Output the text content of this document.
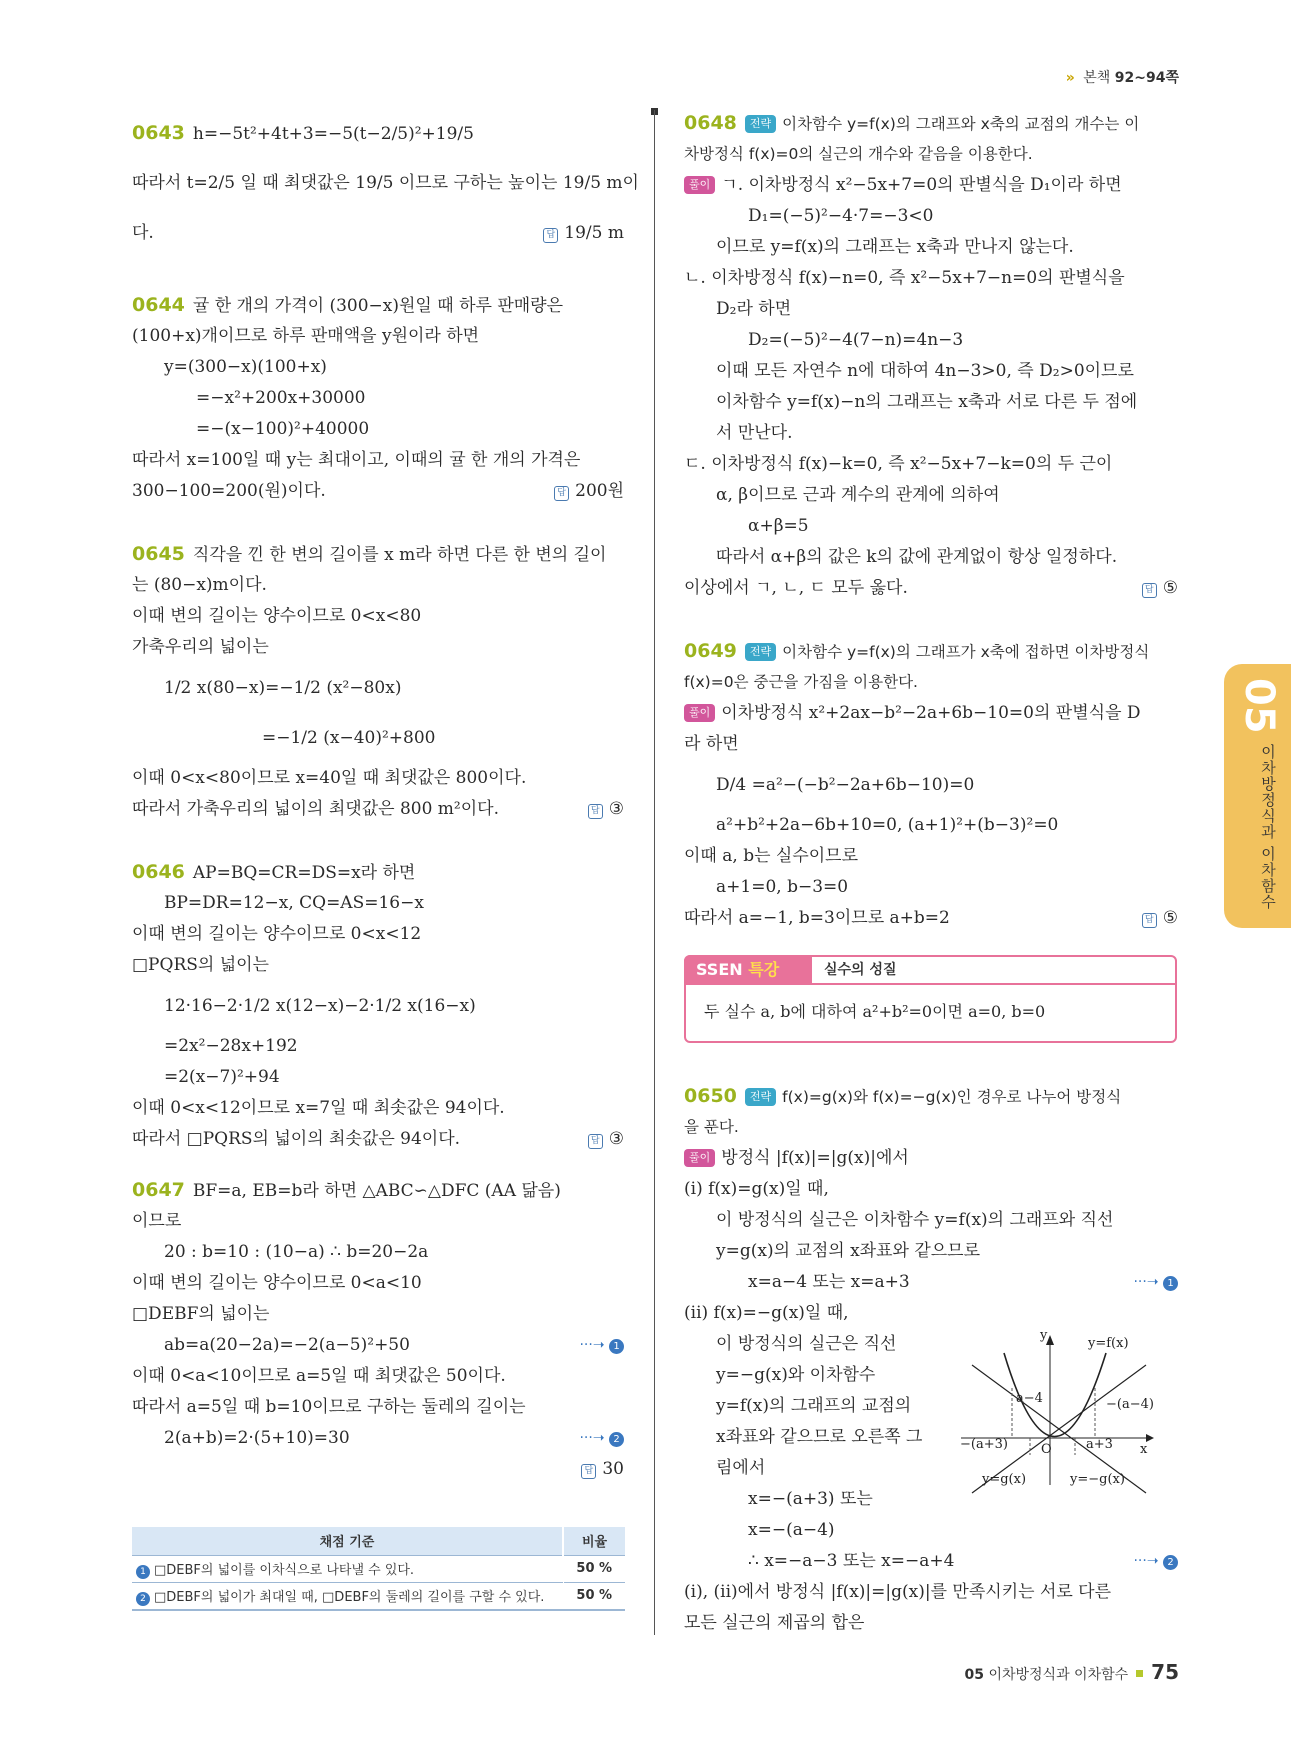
» 본책 92~94쪽
0643 h=−5t²+4t+3=−5(t−2/5)²+19/5
따라서 t=2/5 일 때 최댓값은 19/5 이므로 구하는 높이는 19/5 m이
다.	답 19/5 m
0644 귤 한 개의 가격이 (300−x)원일 때 하루 판매량은
(100+x)개이므로 하루 판매액을 y원이라 하면
y=(300−x)(100+x)
=−x²+200x+30000
=−(x−100)²+40000
따라서 x=100일 때 y는 최대이고, 이때의 귤 한 개의 가격은
300−100=200(원)이다.	답 200원
0645 직각을 낀 한 변의 길이를 x m라 하면 다른 한 변의 길이
는 (80−x)m이다.
이때 변의 길이는 양수이므로 0<x<80
가축우리의 넓이는
1/2 x(80−x)=−1/2 (x²−80x)
=−1/2 (x−40)²+800
이때 0<x<80이므로 x=40일 때 최댓값은 800이다.
따라서 가축우리의 넓이의 최댓값은 800 m²이다.	답 ③
0646 AP=BQ=CR=DS=x라 하면
BP=DR=12−x, CQ=AS=16−x
이때 변의 길이는 양수이므로 0<x<12
□PQRS의 넓이는
12·16−2·1/2 x(12−x)−2·1/2 x(16−x)
=2x²−28x+192
=2(x−7)²+94
이때 0<x<12이므로 x=7일 때 최솟값은 94이다.
따라서 □PQRS의 넓이의 최솟값은 94이다.	답 ③
0647 BF=a, EB=b라 하면 △ABC∽△DFC (AA 닮음)
이므로
20 : b=10 : (10−a) ∴ b=20−2a
이때 변의 길이는 양수이므로 0<a<10
□DEBF의 넓이는
ab=a(20−2a)=−2(a−5)²+50	···➝ 1
이때 0<a<10이므로 a=5일 때 최댓값은 50이다.
따라서 a=5일 때 b=10이므로 구하는 둘레의 길이는
2(a+b)=2·(5+10)=30	···➝ 2
답 30
채점 기준	비율
1 □DEBF의 넓이를 이차식으로 나타낼 수 있다.	50 %
2 □DEBF의 넓이가 최대일 때, □DEBF의 둘레의 길이를 구할 수 있다.	50 %
0648 전략 이차함수 y=f(x)의 그래프와 x축의 교점의 개수는 이
차방정식 f(x)=0의 실근의 개수와 같음을 이용한다.
풀이 ㄱ. 이차방정식 x²−5x+7=0의 판별식을 D₁이라 하면
D₁=(−5)²−4·7=−3<0
이므로 y=f(x)의 그래프는 x축과 만나지 않는다.
ㄴ. 이차방정식 f(x)−n=0, 즉 x²−5x+7−n=0의 판별식을
D₂라 하면
D₂=(−5)²−4(7−n)=4n−3
이때 모든 자연수 n에 대하여 4n−3>0, 즉 D₂>0이므로
이차함수 y=f(x)−n의 그래프는 x축과 서로 다른 두 점에
서 만난다.
ㄷ. 이차방정식 f(x)−k=0, 즉 x²−5x+7−k=0의 두 근이
α, β이므로 근과 계수의 관계에 의하여
α+β=5
따라서 α+β의 값은 k의 값에 관계없이 항상 일정하다.
이상에서 ㄱ, ㄴ, ㄷ 모두 옳다.	답 ⑤
0649 전략 이차함수 y=f(x)의 그래프가 x축에 접하면 이차방정식
f(x)=0은 중근을 가짐을 이용한다.
풀이 이차방정식 x²+2ax−b²−2a+6b−10=0의 판별식을 D
라 하면
D/4 =a²−(−b²−2a+6b−10)=0
a²+b²+2a−6b+10=0, (a+1)²+(b−3)²=0
이때 a, b는 실수이므로
a+1=0, b−3=0
따라서 a=−1, b=3이므로 a+b=2	답 ⑤
SSEN 특강	실수의 성질
두 실수 a, b에 대하여 a²+b²=0이면 a=0, b=0
0650 전략 f(x)=g(x)와 f(x)=−g(x)인 경우로 나누어 방정식
을 푼다.
풀이 방정식 |f(x)|=|g(x)|에서
(i) f(x)=g(x)일 때,
이 방정식의 실근은 이차함수 y=f(x)의 그래프와 직선
y=g(x)의 교점의 x좌표와 같으므로
x=a−4 또는 x=a+3	···➝ 1
(ii) f(x)=−g(x)일 때,
이 방정식의 실근은 직선
y=−g(x)와 이차함수
y=f(x)의 그래프의 교점의
x좌표와 같으므로 오른쪽 그
림에서
x=−(a+3) 또는
x=−(a−4)
∴ x=−a−3 또는 x=−a+4	···➝ 2
(i), (ii)에서 방정식 |f(x)|=|g(x)|를 만족시키는 서로 다른
모든 실근의 제곱의 합은
y
y=f(x)
a−4	−(a−4)
−(a+3)	O	a+3 x
y=g(x)	y=−g(x)
05
이차방정식과 이차함수
05 이차방정식과 이차함수 75
